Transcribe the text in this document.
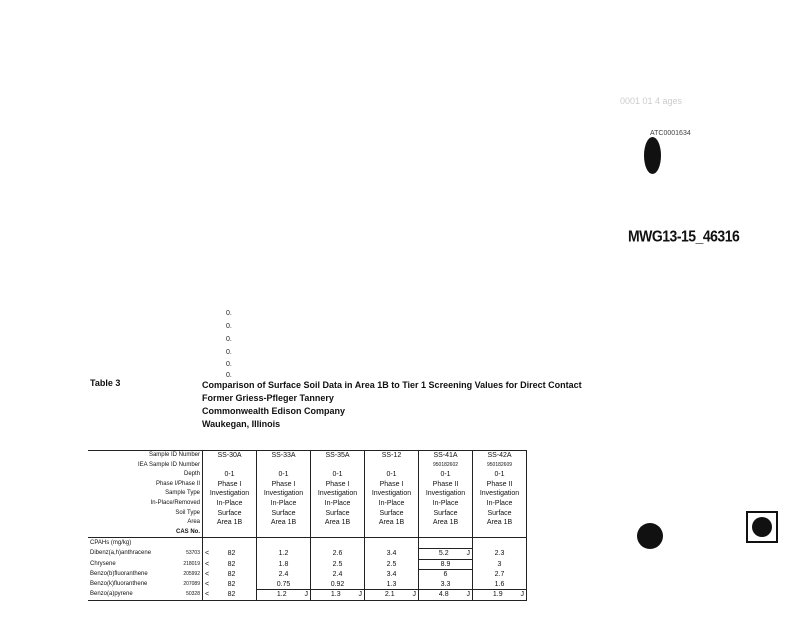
0001 01 4 ages
ATC0001634
MWG13-15_46316
0.
0.
0.
0.
0.
0.
Table 3	Comparison of Surface Soil Data in Area 1B to Tier 1 Screening Values for Direct Contact
Former Griess-Pfleger Tannery
Commonwealth Edison Company
Waukegan, Illinois
Sample ID Number	SS-30A	SS-33A	SS-35A	SS-12	SS-41A	SS-42A
IEA Sample ID Number					950182602	950182609
Depth	0-1	0-1	0-1	0-1	0-1	0-1
Phase I/Phase II	Phase I	Phase I	Phase I	Phase I	Phase II	Phase II
Sample Type	Investigation	Investigation	Investigation	Investigation	Investigation	Investigation
In-Place/Removed	In-Place	In-Place	In-Place	In-Place	In-Place	In-Place
Soil Type	Surface	Surface	Surface	Surface	Surface	Surface
Area	Area 1B	Area 1B	Area 1B	Area 1B	Area 1B	Area 1B
CAS No.						
CPAHs (mg/kg)						
Dibenz(a,h)anthracene 53703	< 82	1.2	2.6	3.4	5.2 J	2.3
Chrysene 218019	< 82	1.8	2.5	2.5	8.9	3
Benzo(b)fluoranthene 205992	< 82	2.4	2.4	3.4	6	2.7
Benzo(k)fluoranthene 207089	< 82	0.75	0.92	1.3	3.3	1.6
Benzo(a)pyrene 50328	< 82	1.2 J	1.3 J	2.1 J	4.8 J	1.9 J
